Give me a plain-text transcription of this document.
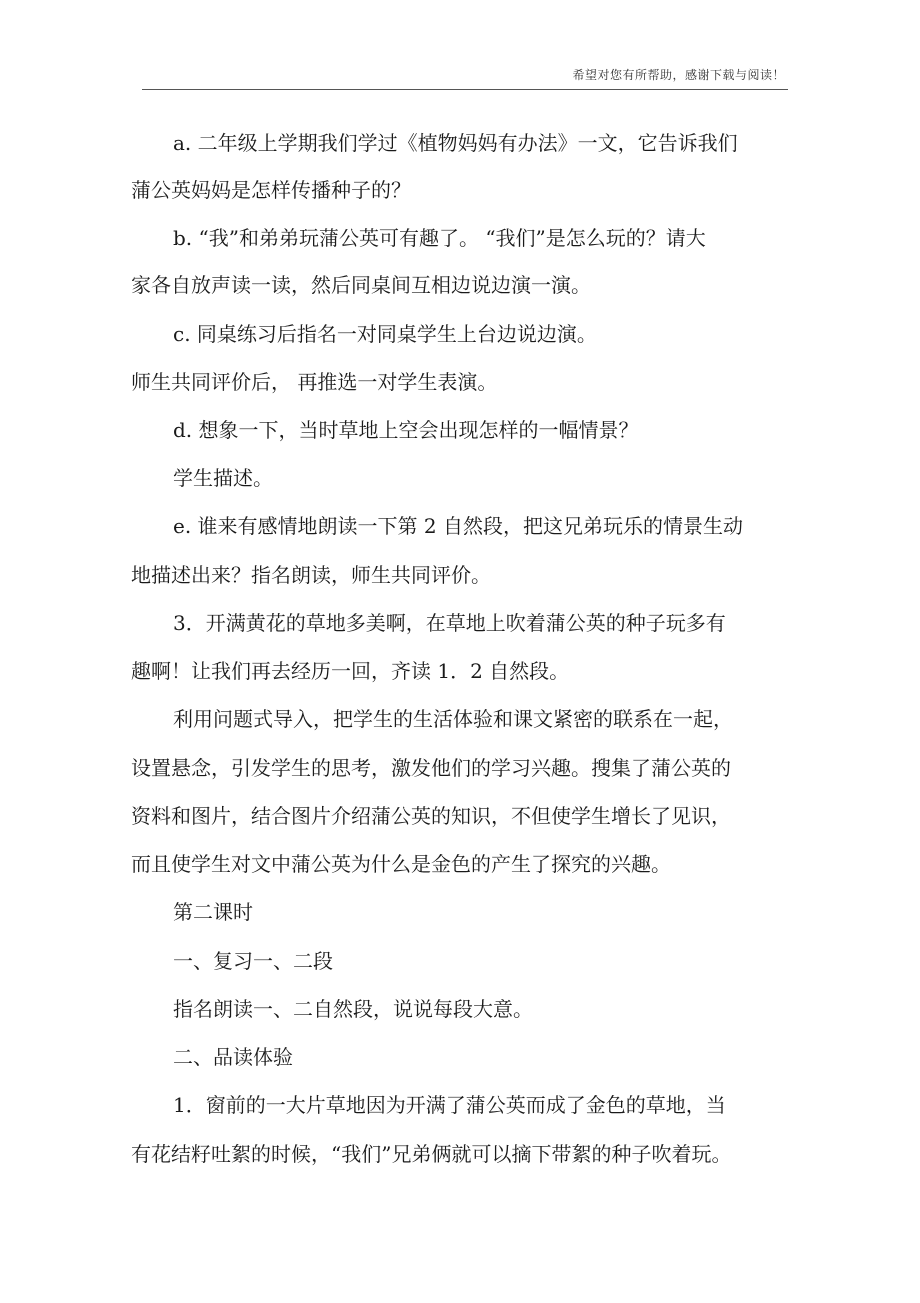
希望对您有所帮助，感谢下载与阅读！
a. 二年级上学期我们学过《植物妈妈有办法》一文，它告诉我们
蒲公英妈妈是怎样传播种子的？
b. “我”和弟弟玩蒲公英可有趣了。 “我们”是怎么玩的？请大
家各自放声读一读，然后同桌间互相边说边演一演。
c. 同桌练习后指名一对同桌学生上台边说边演。
师生共同评价后， 再推选一对学生表演。
d. 想象一下，当时草地上空会出现怎样的一幅情景？
学生描述。
e. 谁来有感情地朗读一下第 2 自然段，把这兄弟玩乐的情景生动
地描述出来？指名朗读，师生共同评价。
3．开满黄花的草地多美啊，在草地上吹着蒲公英的种子玩多有
趣啊！让我们再去经历一回，齐读 1．2 自然段。
利用问题式导入，把学生的生活体验和课文紧密的联系在一起，
设置悬念，引发学生的思考，激发他们的学习兴趣。搜集了蒲公英的
资料和图片，结合图片介绍蒲公英的知识，不但使学生增长了见识，
而且使学生对文中蒲公英为什么是金色的产生了探究的兴趣。
第二课时
一、复习一、二段
指名朗读一、二自然段，说说每段大意。
二、品读体验
1．窗前的一大片草地因为开满了蒲公英而成了金色的草地，当
有花结籽吐絮的时候，“我们”兄弟俩就可以摘下带絮的种子吹着玩。
